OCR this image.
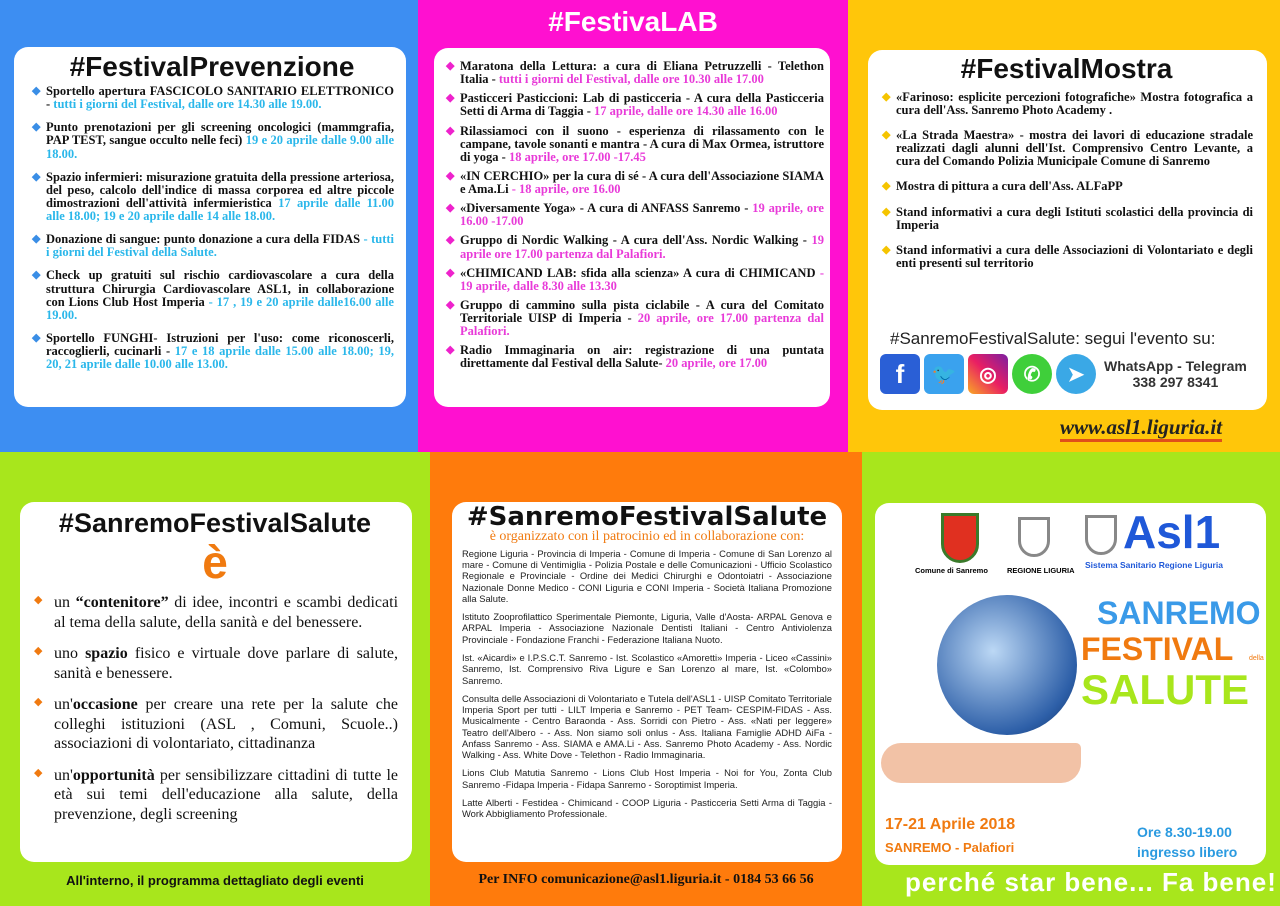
#FestivalPrevenzione
◆ Sportello apertura FASCICOLO SANITARIO ELETTRONICO - tutti i giorni del Festival, dalle ore 14.30 alle 19.00.
◆ Punto prenotazioni per gli screening oncologici (mammgrafia, PAP TEST, sangue occulto nelle feci) 19 e 20 aprile dalle 9.00 alle 18.00.
◆ Spazio infermieri: misurazione gratuita della pressione arteriosa, del peso, calcolo dell'indice di massa corporea ed altre piccole dimostrazioni dell'attività infermieristica 17 aprile dalle 11.00 alle 18.00; 19 e 20 aprile dalle 14 alle 18.00.
◆ Donazione di sangue: punto donazione a cura della FIDAS - tutti i giorni del Festival della Salute.
◆ Check up gratuiti sul rischio cardiovascolare a cura della struttura Chirurgia Cardiovascolare ASL1, in collaborazione con Lions Club Host Imperia - 17 , 19 e 20 aprile dalle16.00 alle 19.00.
◆ Sportello FUNGHI- Istruzioni per l'uso: come riconoscerli, raccoglierli, cucinarli - 17 e 18 aprile dalle 15.00 alle 18.00; 19, 20, 21 aprile dalle 10.00 alle 13.00.
#FestivaLAB
◆ Maratona della Lettura: a cura di Eliana Petruzzelli - Telethon Italia - tutti i giorni del Festival, dalle ore 10.30 alle 17.00
◆ Pasticceri Pasticcioni: Lab di pasticceria - A cura della Pasticceria Setti di Arma di Taggia - 17 aprile, dalle ore 14.30 alle 16.00
◆ Rilassiamoci con il suono - esperienza di rilassamento con le campane, tavole sonanti e mantra - A cura di Max Ormea, istruttore di yoga - 18 aprile, ore 17.00 -17.45
◆ «IN CERCHIO» per la cura di sé - A cura dell'Associazione SIAMA e Ama.Li - 18 aprile, ore 16.00
◆ «Diversamente Yoga» - A cura di ANFASS Sanremo - 19 aprile, ore 16.00 -17.00
◆ Gruppo di Nordic Walking - A cura dell'Ass. Nordic Walking - 19 aprile ore 17.00 partenza dal Palafiori.
◆ «CHIMICAND LAB: sfida alla scienza» A cura di CHIMICAND - 19 aprile, dalle 8.30 alle 13.30
◆ Gruppo di cammino sulla pista ciclabile - A cura del Comitato Territoriale UISP di Imperia - 20 aprile, ore 17.00 partenza dal Palafiori.
◆ Radio Immaginaria on air: registrazione di una puntata direttamente dal Festival della Salute- 20 aprile, ore 17.00
#FestivalMostra
◆ «Farinoso: esplicite percezioni fotografiche» Mostra fotografica a cura dell'Ass. Sanremo Photo Academy .
◆ «La Strada Maestra» - mostra dei lavori di educazione stradale realizzati dagli alunni dell'Ist. Comprensivo Centro Levante, a cura del Comando Polizia Municipale Comune di Sanremo
◆ Mostra di pittura a cura dell'Ass. ALFaPP
◆ Stand informativi a cura degli Istituti scolastici della provincia di Imperia
◆ Stand informativi a cura delle Associazioni di Volontariato e degli enti presenti sul territorio
#SanremoFestivalSalute: segui l'evento su:
f	🐦	◎	✆	➤	WhatsApp - Telegram
338 297 8341
www.asl1.liguria.it
#SanremoFestivalSalute
è
◆ un “contenitore” di idee, incontri e scambi dedicati al tema della salute, della sanità e del benessere.
◆ uno spazio fisico e virtuale dove parlare di salute, sanità e benessere.
◆ un'occasione per creare una rete per la salute che colleghi istituzioni (ASL , Comuni, Scuole..) associazioni di volontariato, cittadinanza
◆ un'opportunità per sensibilizzare cittadini di tutte le età sui temi dell'educazione alla salute, della prevenzione, degli screening
All'interno, il programma dettagliato degli eventi
#SanremoFestivalSalute
è organizzato con il patrocinio ed in collaborazione con:

Regione Liguria - Provincia di Imperia - Comune di Imperia - Comune di San Lorenzo al mare - Comune di Ventimiglia - Polizia Postale e delle Comunicazioni - Ufficio Scolastico Regionale e Provinciale - Ordine dei Medici Chirurghi e Odontoiatri - Associazione Nazionale Donne Medico - CONI Liguria e CONI Imperia - Società Italiana Promozione alla Salute.

Istituto Zooprofilattico Sperimentale Piemonte, Liguria, Valle d'Aosta- ARPAL Genova e ARPAL Imperia - Associazione Nazionale Dentisti Italiani - Centro Antiviolenza Provinciale - Fondazione Franchi - Federazione Italiana Nuoto.

Ist. «Aicardi» e I.P.S.C.T. Sanremo - Ist. Scolastico «Amoretti» Imperia - Liceo «Cassini» Sanremo, Ist. Comprensivo Riva Ligure e San Lorenzo al mare, Ist. «Colombo» Sanremo.

Consulta delle Associazioni di Volontariato e Tutela dell'ASL1 - UISP Comitato Territoriale Imperia Sport per tutti - LILT Imperia e Sanremo - PET Team- CESPIM-FIDAS - Ass. Musicalmente - Centro Baraonda - Ass. Sorridi con Pietro - Ass. «Nati per leggere» Teatro dell'Albero - - Ass. Non siamo soli onlus - Ass. Italiana Famiglie ADHD AiFa - Anfass Sanremo - Ass. SIAMA e AMA.Li - Ass. Sanremo Photo Academy - Ass. Nordic Walking - Ass. White Dove - Telethon - Radio Immaginaria.

Lions Club Matutia Sanremo - Lions Club Host Imperia - Noi for You, Zonta Club Sanremo -Fidapa Imperia - Fidapa Sanremo - Soroptimist Imperia.

Latte Alberti - Festidea - Chimicand - COOP Liguria - Pasticceria Setti Arma di Taggia - Work Abbigliamento Professionale.

Per INFO comunicazione@asl1.liguria.it - 0184 53 66 56
Comune di Sanremo	REGIONE LIGURIA
Asl1
Sistema Sanitario Regione Liguria
SANREMO
FESTIVAL della
SALUTE
17-21 Aprile 2018
SANREMO - Palafiori
Ore 8.30-19.00
ingresso libero
perché star bene... Fa bene!
